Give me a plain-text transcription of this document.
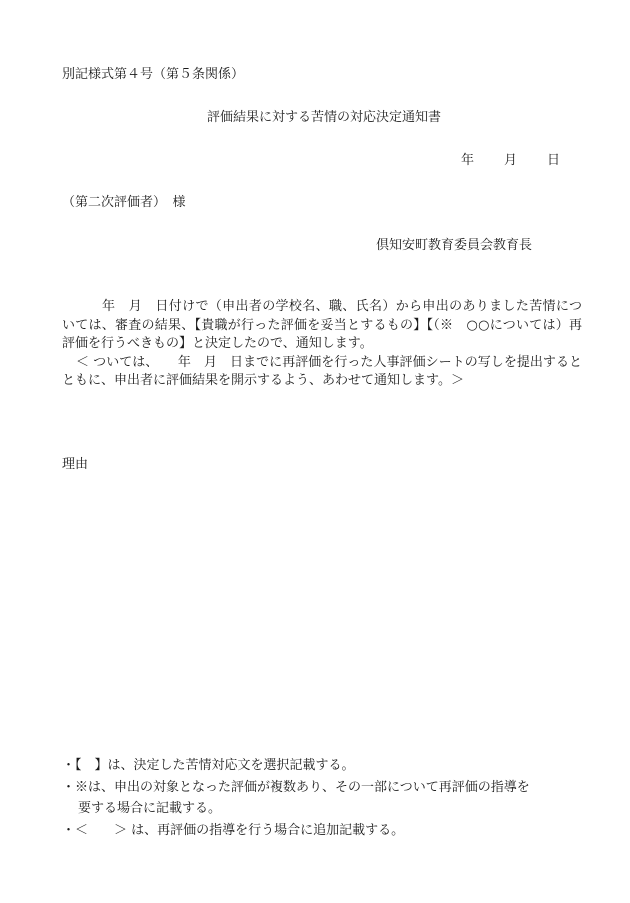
別記様式第４号（第５条関係）
評価結果に対する苦情の対応決定通知書
年 月 日
（第二次評価者）　様
倶知安町教育委員会教育長

年　月　日付けで（申出者の学校名、職、氏名）から申出のありました苦情については、審査の結果、【貴職が行った評価を妥当とするもの】【（※　○○については）再評価を行うべきもの】と決定したので、通知します。

＜ ついては、　　年　月　日までに再評価を行った人事評価シートの写しを提出するとともに、申出者に評価結果を開示するよう、あわせて通知します。＞

理由

・【　】は、決定した苦情対応文を選択記載する。

・※は、申出の対象となった評価が複数あり、その一部について再評価の指導を

要する場合に記載する。

・＜　　＞ は、再評価の指導を行う場合に追加記載する。
